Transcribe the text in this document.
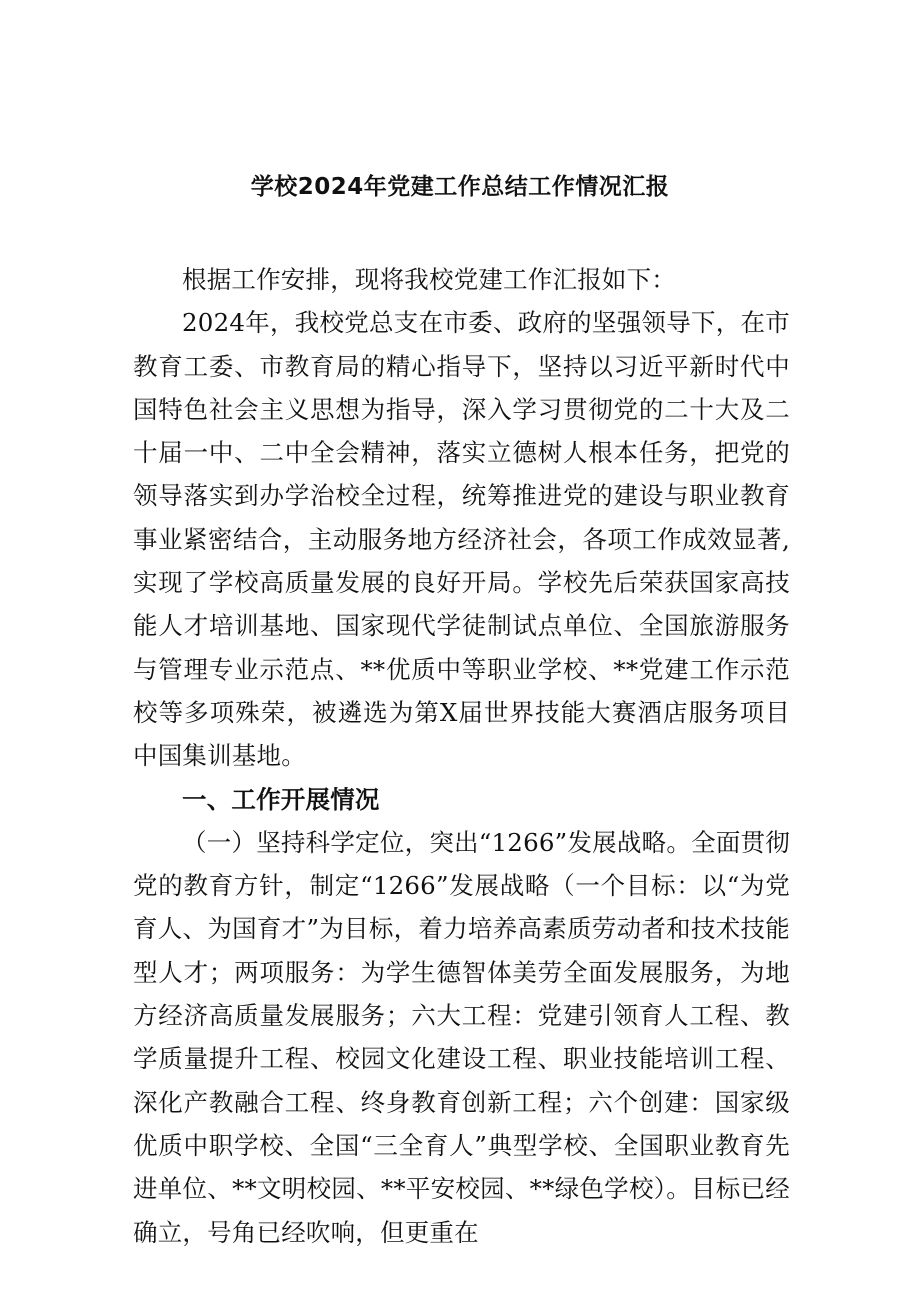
学校2024年党建工作总结工作情况汇报

根据工作安排，现将我校党建工作汇报如下：

2024年，我校党总支在市委、政府的坚强领导下，在市教育工委、市教育局的精心指导下，坚持以习近平新时代中国特色社会主义思想为指导，深入学习贯彻党的二十大及二十届一中、二中全会精神，落实立德树人根本任务，把党的领导落实到办学治校全过程，统筹推进党的建设与职业教育事业紧密结合，主动服务地方经济社会，各项工作成效显著,实现了学校高质量发展的良好开局。学校先后荣获国家高技能人才培训基地、国家现代学徒制试点单位、全国旅游服务与管理专业示范点、**优质中等职业学校、**党建工作示范校等多项殊荣，被遴选为第X届世界技能大赛酒店服务项目中国集训基地。

一、工作开展情况

（一）坚持科学定位，突出“1266”发展战略。全面贯彻党的教育方针，制定“1266”发展战略（一个目标：以“为党育人、为国育才”为目标，着力培养高素质劳动者和技术技能型人才；两项服务：为学生德智体美劳全面发展服务，为地方经济高质量发展服务；六大工程：党建引领育人工程、教学质量提升工程、校园文化建设工程、职业技能培训工程、深化产教融合工程、终身教育创新工程；六个创建：国家级优质中职学校、全国“三全育人”典型学校、全国职业教育先进单位、**文明校园、**平安校园、**绿色学校）。目标已经确立，号角已经吹响，但更重在
